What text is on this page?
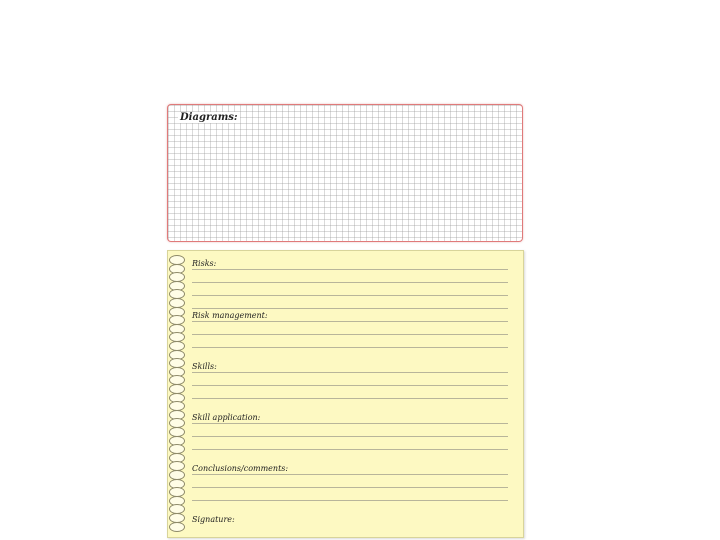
Diagrams:
Risks:
Risk management:
Skills:
Skill application:
Conclusions/comments:
Signature:
